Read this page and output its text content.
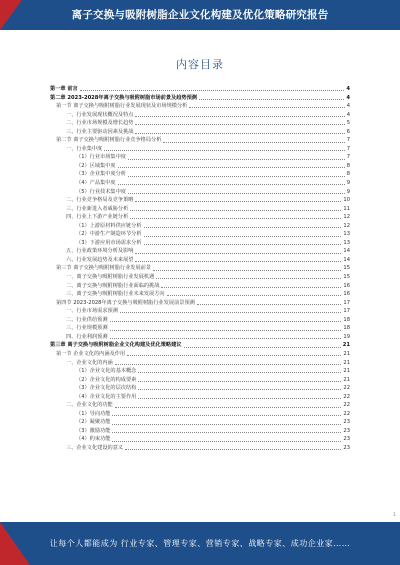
离子交换与吸附树脂企业文化构建及优化策略研究报告
内容目录
第一章 前言	4
第二章 2023-2028年离子交换与吸附树脂市场前景及趋势预测	4
第一节 离子交换与吸附树脂行业发展现状及市场规模分析	4
一、行业发展现状概况及特点	4
二、行业市场规模及增长趋势	5
三、行业主要驱动因素及挑战	6
第二节 离子交换与吸附树脂行业竞争格局分析	7
一、行业集中度	7
（1）行业市场集中度	7
（2）区域集中度	8
（3）企业集中度分析	8
（4）产品集中度	9
（5）行业技术集中度	9
二、行业竞争格局及竞争策略	10
三、行业新进入者威胁分析	11
四、行业上下游产业链分析	12
（1）上游原材料供应链分析	12
（2）中游生产制造环节分析	13
（3）下游应用市场需求分析	13
五、行业政策环境分析及影响	14
六、行业发展趋势及未来展望	14
第三节 离子交换与吸附树脂行业发展前景	15
一、离子交换与吸附树脂行业发展机遇	15
二、离子交换与吸附树脂行业面临的挑战	16
三、离子交换与吸附树脂行业未来发展方向	16
第四节 2023-2028年离子交换与吸附树脂行业发展前景预测	17
一、行业市场需求预测	17
二、行业供给预测	18
三、行业规模预测	18
四、行业利润预测	19
第三章 离子交换与吸附树脂企业文化构建及优化策略建议	21
第一节 企业文化的内涵及作用	21
一、企业文化的内涵	21
（1）企业文化的基本概念	21
（2）企业文化的构成要素	21
（3）企业文化的层次结构	22
（4）企业文化的主要作用	22
二、企业文化的功能	22
（1）导向功能	22
（2）凝聚功能	23
（3）激励功能	23
（4）约束功能	23
三、企业文化建设的意义	23
1
让每个人都能成为 行业专家、管理专家、营销专家、战略专家、成功企业家……
